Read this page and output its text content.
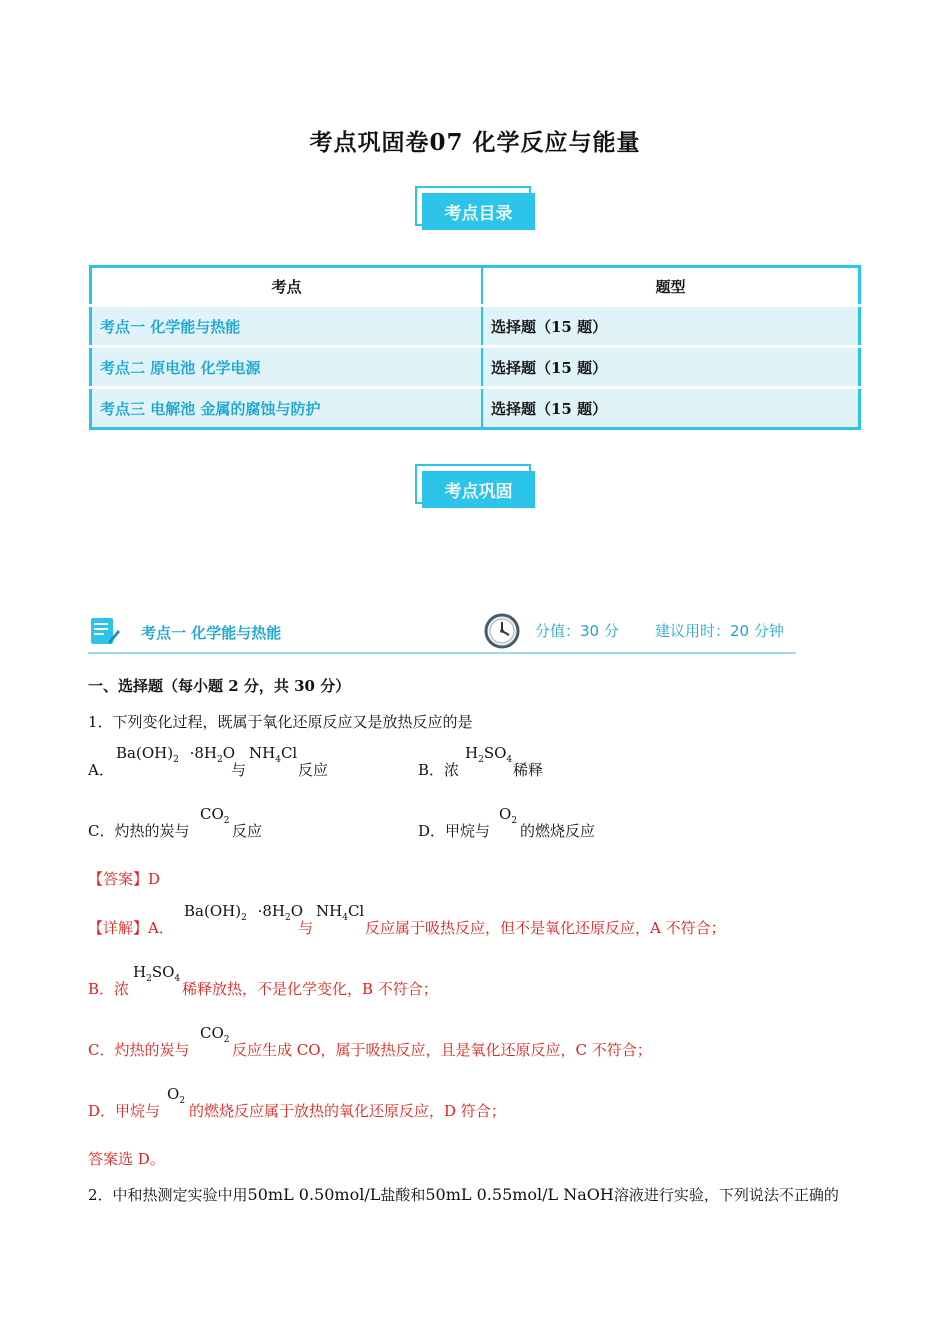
考点巩固卷07 化学反应与能量
考点目录
考点	题型
考点一 化学能与热能	选择题（15 题）
考点二 原电池 化学电源	选择题（15 题）
考点三 电解池 金属的腐蚀与防护	选择题（15 题）
考点巩固
考点一 化学能与热能	分值：30 分 建议用时：20 分钟
一、选择题（每小题 2 分，共 30 分）
1．下列变化过程，既属于氧化还原反应又是放热反应的是
A．
$Ba(OH)_2 \cdot 8H_2O$
与
$NH_4Cl$
反应	B．浓
$H_2SO_4$
稀释
C．灼热的炭与
$CO_2$
反应	D．甲烷与
$O_2$
的燃烧反应
【答案】D
【详解】A．
$Ba(OH)_2 \cdot 8H_2O$
与
$NH_4Cl$
反应属于吸热反应，但不是氧化还原反应，A 不符合；
B．浓
$H_2SO_4$
稀释放热，不是化学变化，B 不符合；
C．灼热的炭与
$CO_2$
反应生成 CO，属于吸热反应，且是氧化还原反应，C 不符合；
D．甲烷与
$O_2$
的燃烧反应属于放热的氧化还原反应，D 符合；
答案选 D。
2．中和热测定实验中用50mL 0.50mol/L盐酸和50mL 0.55mol/L NaOH溶液进行实验，下列说法不正确的
